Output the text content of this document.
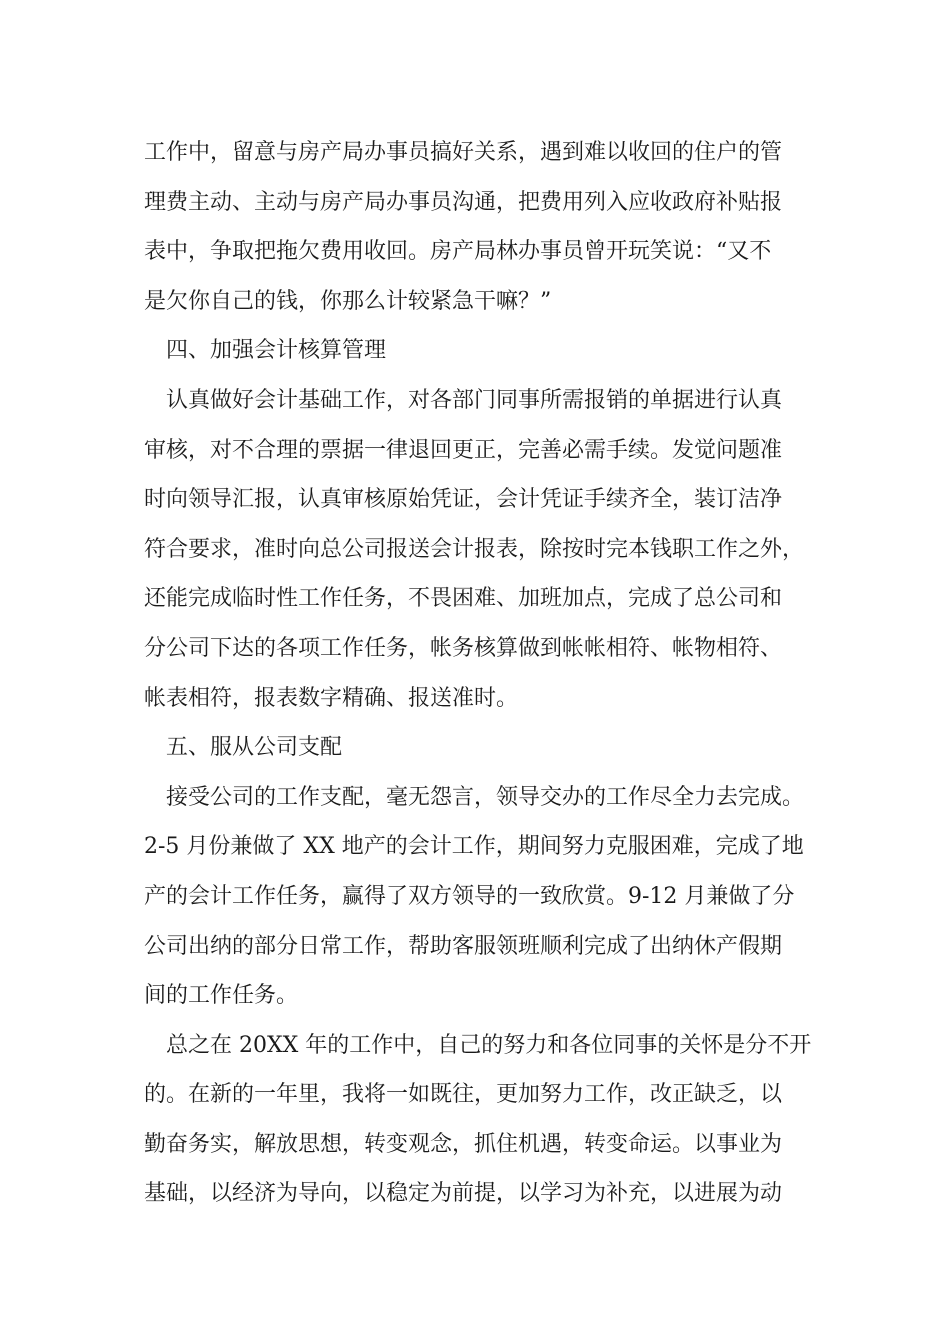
工作中，留意与房产局办事员搞好关系，遇到难以收回的住户的管
理费主动、主动与房产局办事员沟通，把费用列入应收政府补贴报
表中，争取把拖欠费用收回。房产局林办事员曾开玩笑说：“又不
是欠你自己的钱，你那么计较紧急干嘛？”
四、加强会计核算管理
认真做好会计基础工作，对各部门同事所需报销的单据进行认真
审核，对不合理的票据一律退回更正，完善必需手续。发觉问题准
时向领导汇报，认真审核原始凭证，会计凭证手续齐全，装订洁净
符合要求，准时向总公司报送会计报表，除按时完本钱职工作之外，
还能完成临时性工作任务，不畏困难、加班加点，完成了总公司和
分公司下达的各项工作任务，帐务核算做到帐帐相符、帐物相符、
帐表相符，报表数字精确、报送准时。
五、服从公司支配
接受公司的工作支配，毫无怨言，领导交办的工作尽全力去完成。
2-5 月份兼做了 XX 地产的会计工作，期间努力克服困难，完成了地
产的会计工作任务，赢得了双方领导的一致欣赏。9-12 月兼做了分
公司出纳的部分日常工作，帮助客服领班顺利完成了出纳休产假期
间的工作任务。
总之在 20XX 年的工作中，自己的努力和各位同事的关怀是分不开
的。在新的一年里，我将一如既往，更加努力工作，改正缺乏，以
勤奋务实，解放思想，转变观念，抓住机遇，转变命运。以事业为
基础，以经济为导向，以稳定为前提，以学习为补充，以进展为动
